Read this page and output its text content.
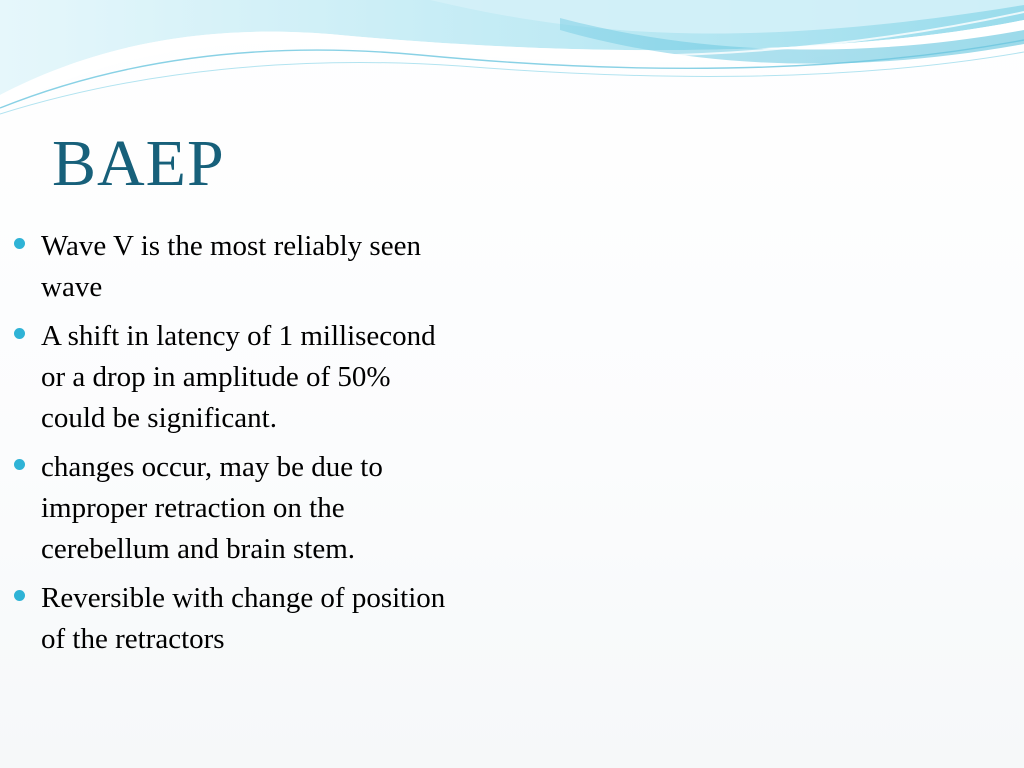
BAEP
Wave V is the most reliably seen wave
A shift in latency of 1 millisecond or a drop in amplitude of 50% could be significant.
changes occur, may be due to improper retraction on the cerebellum and brain stem.
Reversible with change of position of the retractors
